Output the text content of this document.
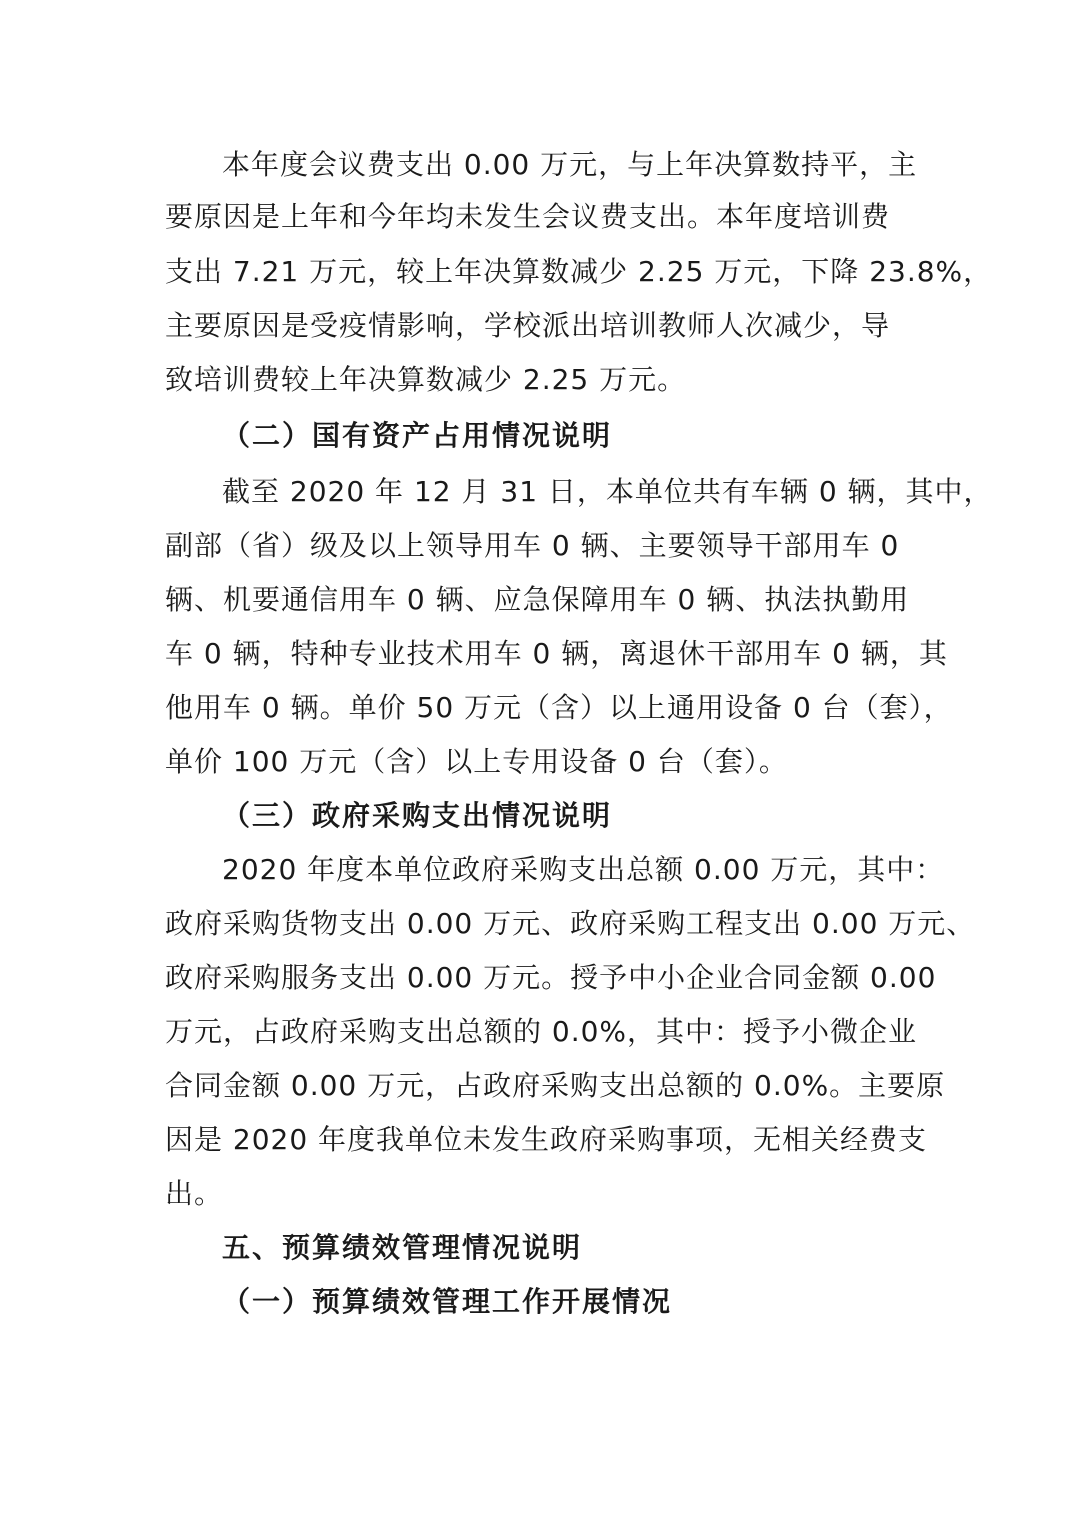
本年度会议费支出 0.00 万元，与上年决算数持平，主
要原因是上年和今年均未发生会议费支出。本年度培训费
支出 7.21 万元，较上年决算数减少 2.25 万元，下降 23.8%，
主要原因是受疫情影响，学校派出培训教师人次减少，导
致培训费较上年决算数减少 2.25 万元。
（二）国有资产占用情况说明
截至 2020 年 12 月 31 日，本单位共有车辆 0 辆，其中，
副部（省）级及以上领导用车 0 辆、主要领导干部用车 0
辆、机要通信用车 0 辆、应急保障用车 0 辆、执法执勤用
车 0 辆，特种专业技术用车 0 辆，离退休干部用车 0 辆，其
他用车 0 辆。单价 50 万元（含）以上通用设备 0 台（套），
单价 100 万元（含）以上专用设备 0 台（套）。
（三）政府采购支出情况说明
2020 年度本单位政府采购支出总额 0.00 万元，其中：
政府采购货物支出 0.00 万元、政府采购工程支出 0.00 万元、
政府采购服务支出 0.00 万元。授予中小企业合同金额 0.00
万元，占政府采购支出总额的 0.0%，其中：授予小微企业
合同金额 0.00 万元，占政府采购支出总额的 0.0%。主要原
因是 2020 年度我单位未发生政府采购事项，无相关经费支
出。
五、预算绩效管理情况说明
（一）预算绩效管理工作开展情况
